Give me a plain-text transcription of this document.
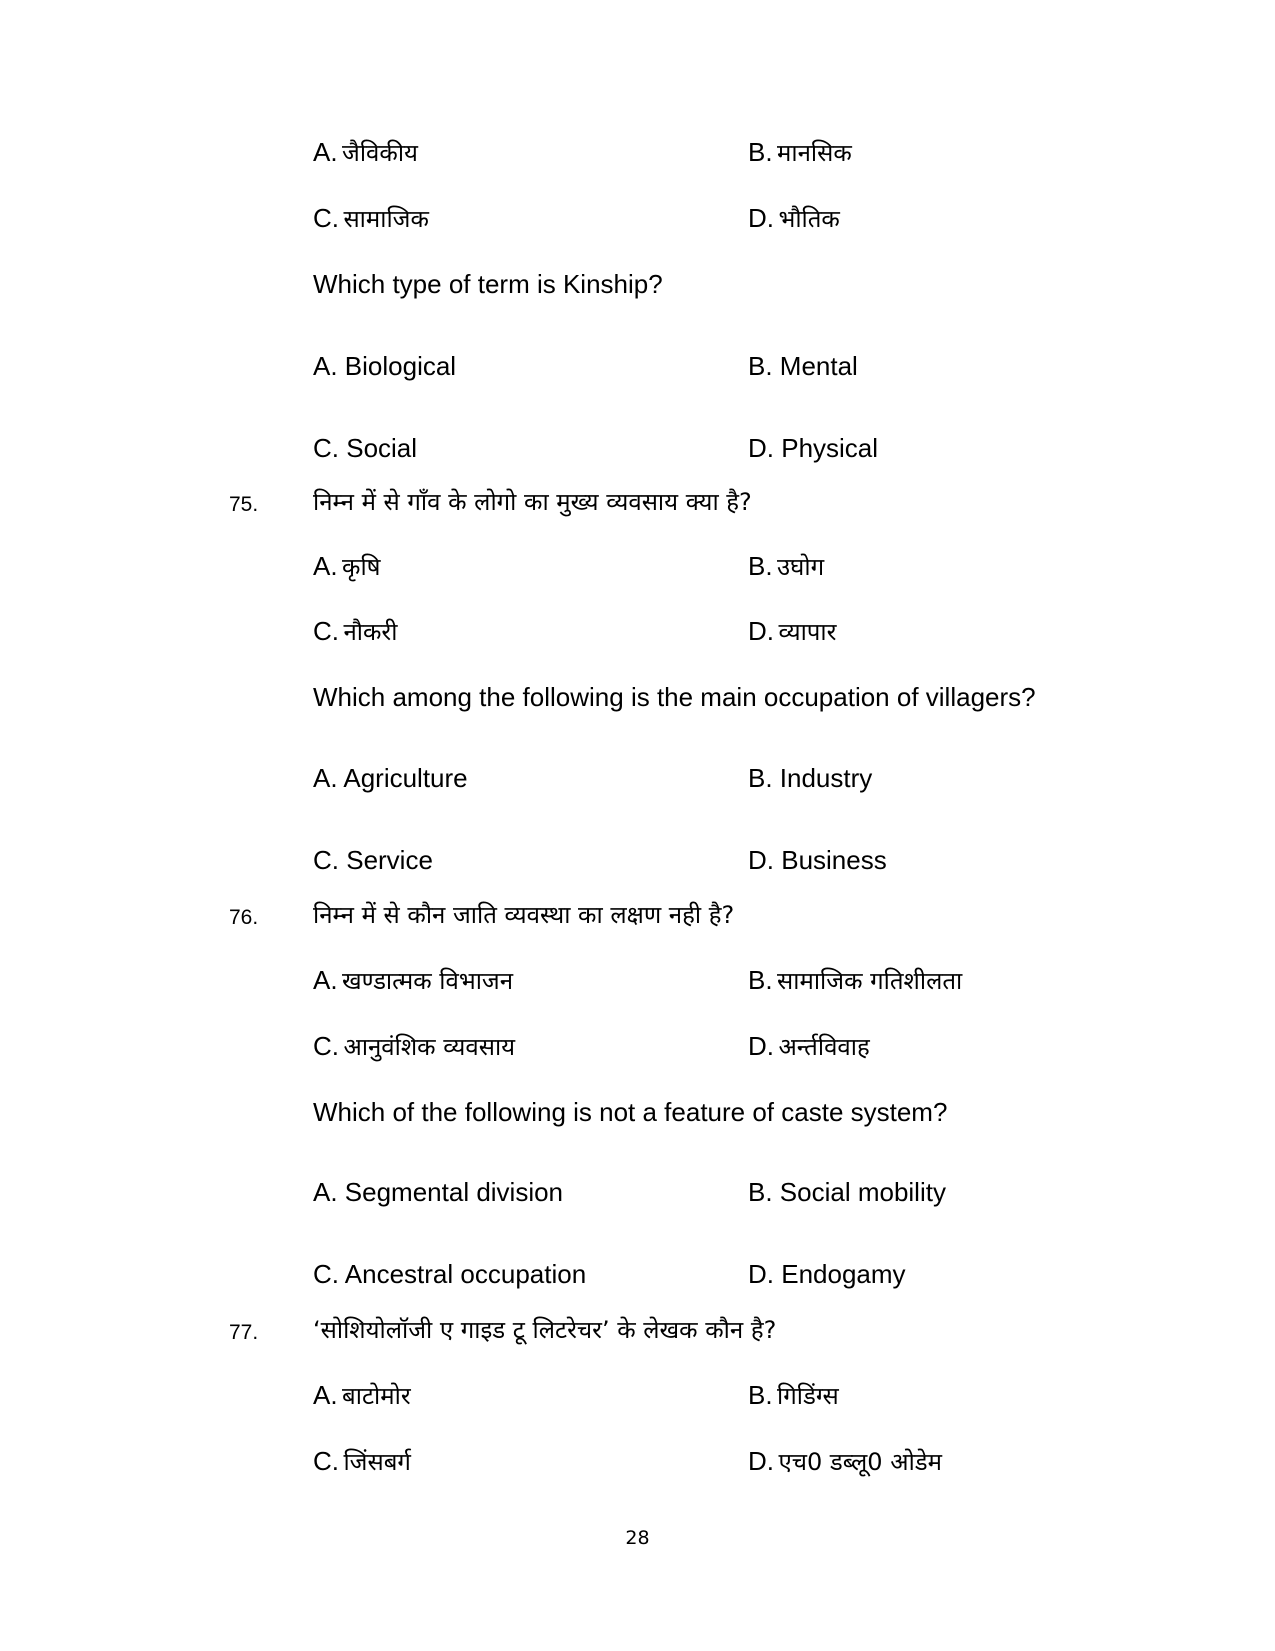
A. जैविकीय	B. मानसिक
C. सामाजिक	D. भौतिक
Which type of term is Kinship?
A. Biological	B. Mental
C. Social	D. Physical
75. निम्न में से गाँव के लोगो का मुख्य व्यवसाय क्या है?
A. कृषि	B. उघोग
C. नौकरी	D. व्यापार
Which among the following is the main occupation of villagers?
A. Agriculture	B. Industry
C. Service	D. Business
76. निम्न में से कौन जाति व्यवस्था का लक्षण नही है?
A. खण्डात्मक विभाजन	B. सामाजिक गतिशीलता
C. आनुवंशिक व्यवसाय	D. अर्न्तविवाह
Which of the following is not a feature of caste system?
A. Segmental division	B. Social mobility
C. Ancestral occupation	D. Endogamy
77. ‘सोशियोलॉजी ए गाइड टू लिटरेचर’ के लेखक कौन है?
A. बाटोमोर	B. गिडिंग्स
C. जिंसबर्ग	D. एच0 डब्लू0 ओडेम
28
